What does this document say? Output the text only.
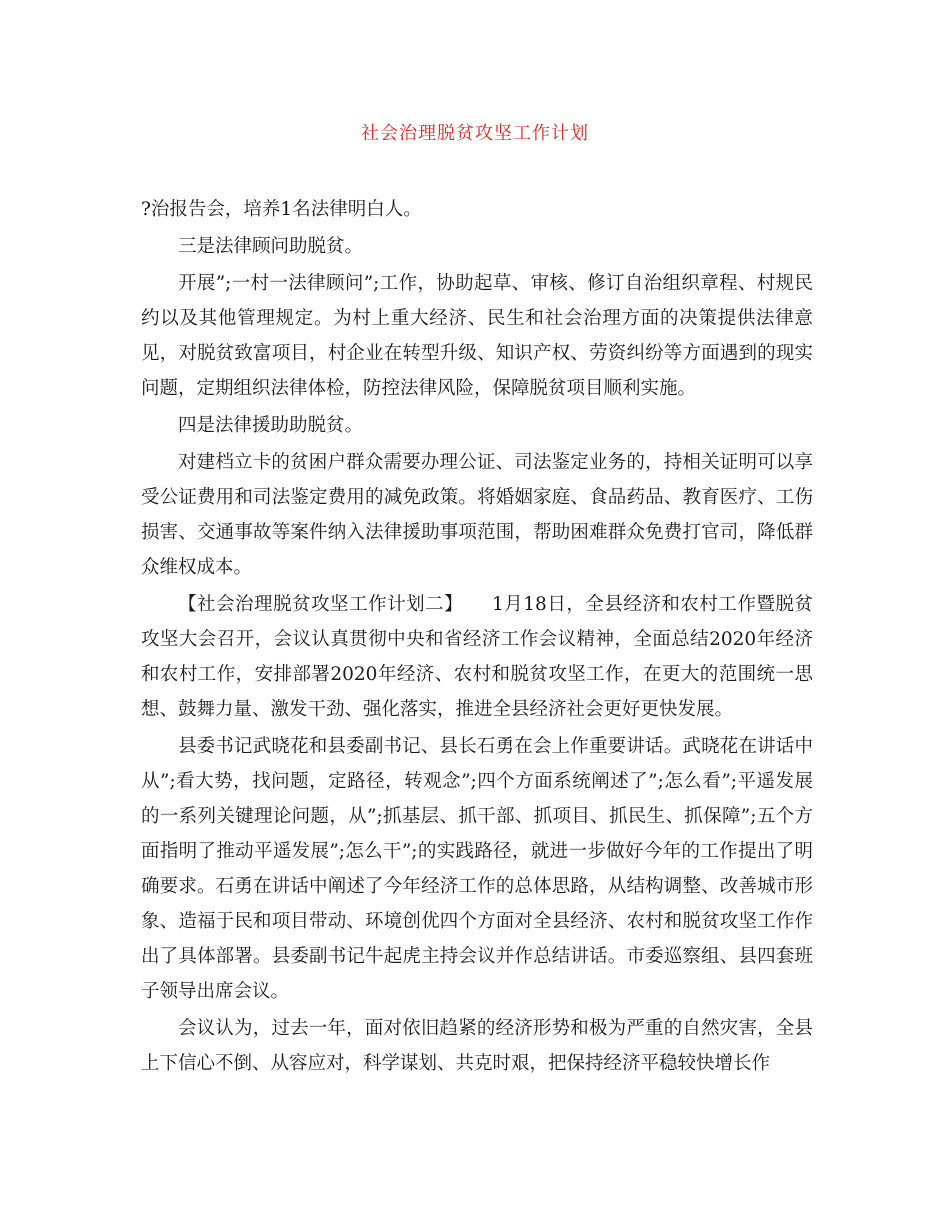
社会治理脱贫攻坚工作计划

?治报告会，培养1名法律明白人。

三是法律顾问助脱贫。

开展”;一村一法律顾问”;工作，协助起草、审核、修订自治组织章程、村规民约以及其他管理规定。为村上重大经济、民生和社会治理方面的决策提供法律意见，对脱贫致富项目，村企业在转型升级、知识产权、劳资纠纷等方面遇到的现实问题，定期组织法律体检，防控法律风险，保障脱贫项目顺利实施。

四是法律援助助脱贫。

对建档立卡的贫困户群众需要办理公证、司法鉴定业务的，持相关证明可以享受公证费用和司法鉴定费用的减免政策。将婚姻家庭、食品药品、教育医疗、工伤损害、交通事故等案件纳入法律援助事项范围，帮助困难群众免费打官司，降低群众维权成本。

【社会治理脱贫攻坚工作计划二】　　1月18日，全县经济和农村工作暨脱贫攻坚大会召开，会议认真贯彻中央和省经济工作会议精神，全面总结2020年经济和农村工作，安排部署2020年经济、农村和脱贫攻坚工作，在更大的范围统一思想、鼓舞力量、激发干劲、强化落实，推进全县经济社会更好更快发展。

县委书记武晓花和县委副书记、县长石勇在会上作重要讲话。武晓花在讲话中从”;看大势，找问题，定路径，转观念”;四个方面系统阐述了”;怎么看”;平遥发展的一系列关键理论问题，从”;抓基层、抓干部、抓项目、抓民生、抓保障”;五个方面指明了推动平遥发展”;怎么干”;的实践路径，就进一步做好今年的工作提出了明确要求。石勇在讲话中阐述了今年经济工作的总体思路，从结构调整、改善城市形象、造福于民和项目带动、环境创优四个方面对全县经济、农村和脱贫攻坚工作作出了具体部署。县委副书记牛起虎主持会议并作总结讲话。市委巡察组、县四套班子领导出席会议。

会议认为，过去一年，面对依旧趋紧的经济形势和极为严重的自然灾害，全县上下信心不倒、从容应对，科学谋划、共克时艰，把保持经济平稳较快增长作
